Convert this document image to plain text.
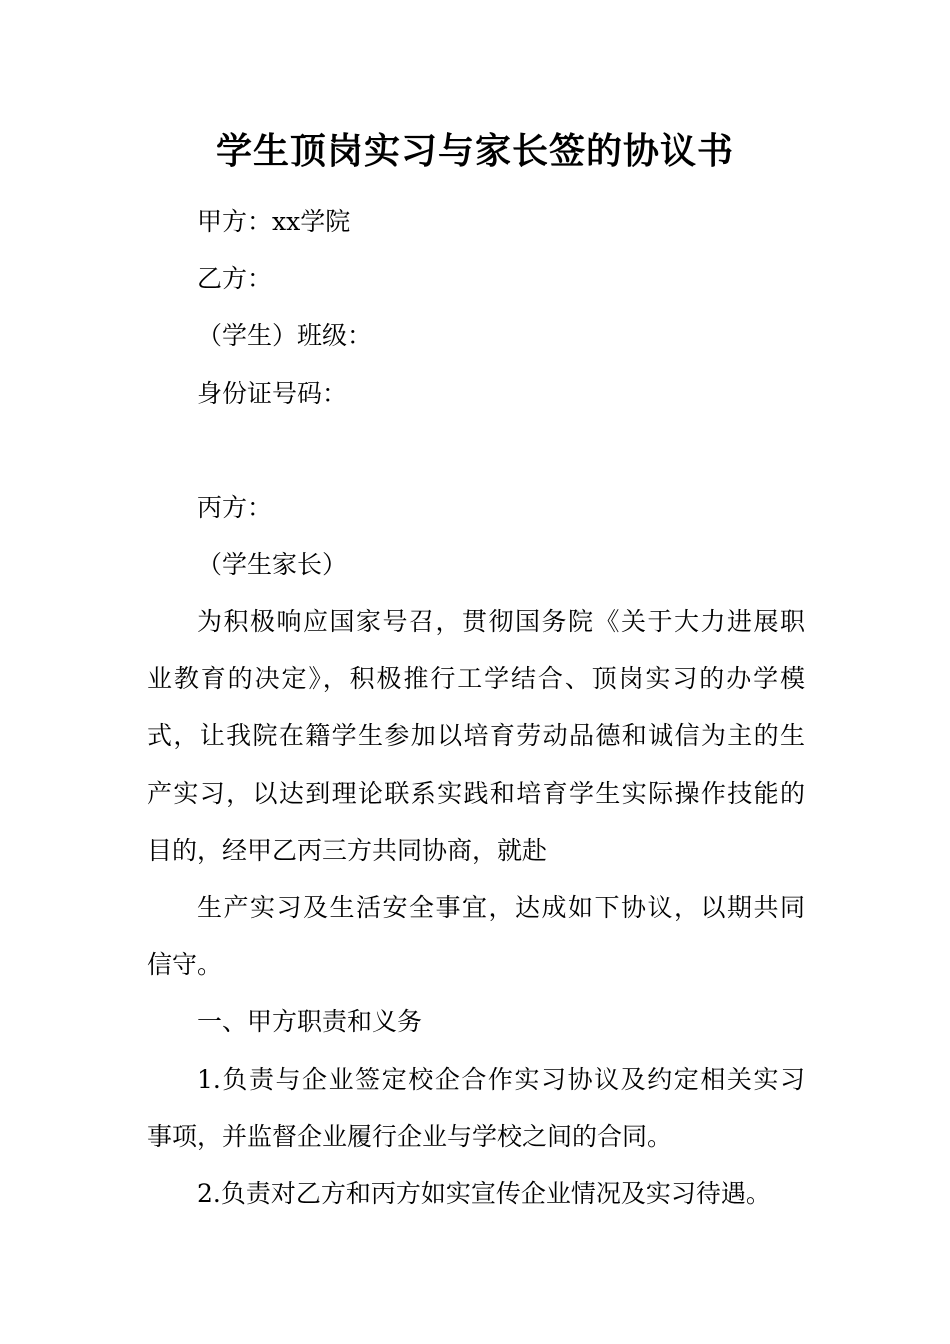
学生顶岗实习与家长签的协议书
甲方：xx学院
乙方：
（学生）班级：
身份证号码：
丙方：
（学生家长）
为积极响应国家号召，贯彻国务院《关于大力进展职
业教育的决定》，积极推行工学结合、顶岗实习的办学模
式，让我院在籍学生参加以培育劳动品德和诚信为主的生
产实习，以达到理论联系实践和培育学生实际操作技能的
目的，经甲乙丙三方共同协商，就赴
生产实习及生活安全事宜，达成如下协议，以期共同
信守。
一、甲方职责和义务
1.负责与企业签定校企合作实习协议及约定相关实习
事项，并监督企业履行企业与学校之间的合同。
2.负责对乙方和丙方如实宣传企业情况及实习待遇。
